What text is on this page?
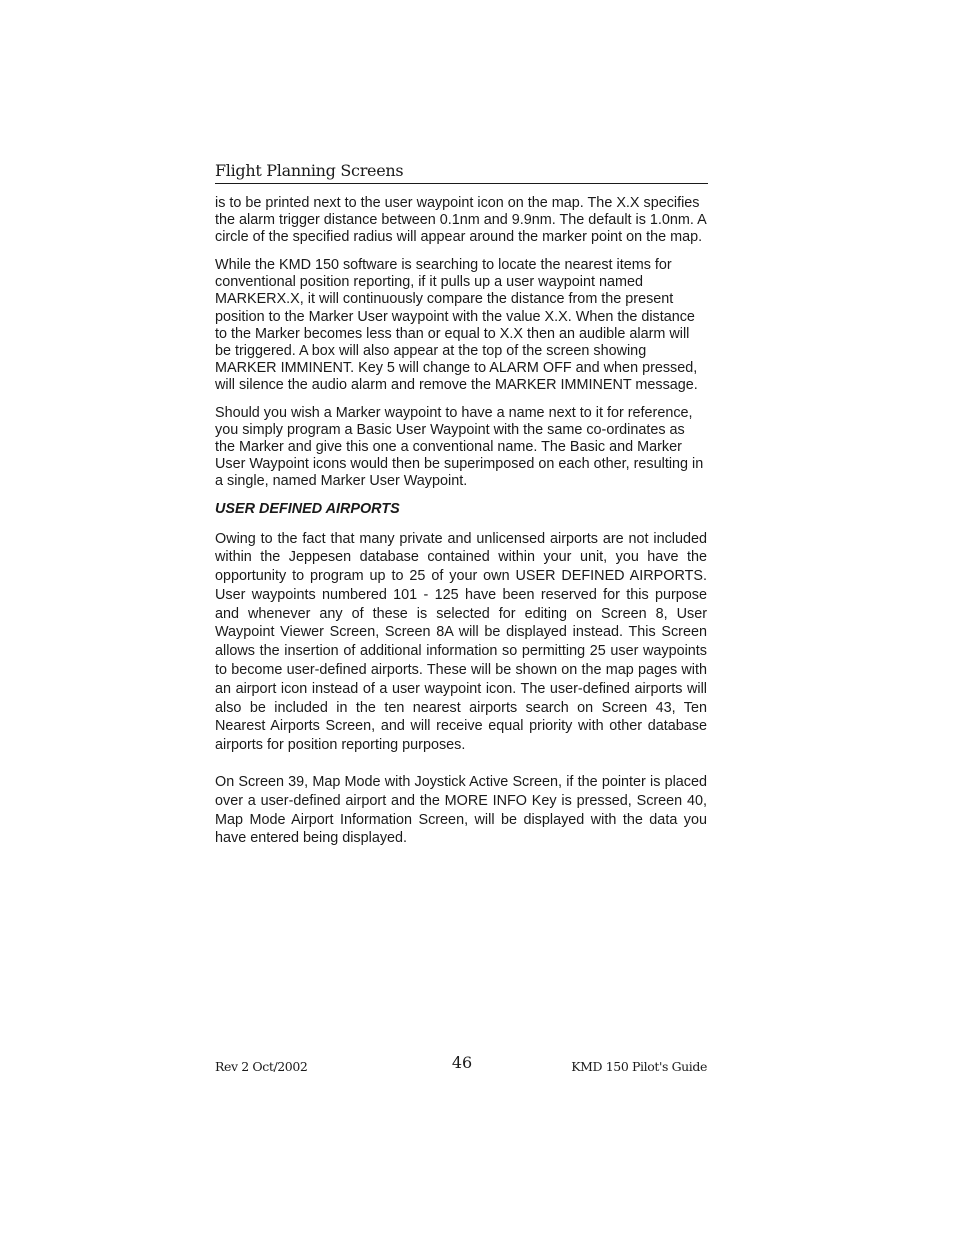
Flight Planning Screens

is to be printed next to the user waypoint icon on the map. The X.X specifies the alarm trigger distance between 0.1nm and 9.9nm. The default is 1.0nm. A circle of the specified radius will appear around the marker point on the map.

While the KMD 150 software is searching to locate the nearest items for conventional position reporting, if it pulls up a user waypoint named MARKERX.X, it will continuously compare the distance from the present position to the Marker User waypoint with the value X.X. When the distance to the Marker becomes less than or equal to X.X then an audible alarm will be triggered. A box will also appear at the top of the screen showing MARKER IMMINENT. Key 5 will change to ALARM OFF and when pressed, will silence the audio alarm and remove the MARKER IMMINENT message.

Should you wish a Marker waypoint to have a name next to it for reference, you simply program a Basic User Waypoint with the same co-ordinates as the Marker and give this one a conventional name. The Basic and Marker User Waypoint icons would then be superimposed on each other, resulting in a single, named Marker User Waypoint.

USER DEFINED AIRPORTS

Owing to the fact that many private and unlicensed airports are not included within the Jeppesen database contained within your unit, you have the opportunity to program up to 25 of your own USER DEFINED AIRPORTS. User waypoints numbered 101 - 125 have been reserved for this purpose and whenever any of these is selected for editing on Screen 8, User Waypoint Viewer Screen, Screen 8A will be displayed instead. This Screen allows the insertion of additional information so permitting 25 user waypoints to become user-defined airports. These will be shown on the map pages with an airport icon instead of a user waypoint icon. The user-defined airports will also be included in the ten nearest airports search on Screen 43, Ten Nearest Airports Screen, and will receive equal priority with other database airports for position reporting purposes.

On Screen 39, Map Mode with Joystick Active Screen, if the pointer is placed over a user-defined airport and the MORE INFO Key is pressed, Screen 40, Map Mode Airport Information Screen, will be displayed with the data you have entered being displayed.

Rev 2 Oct/2002	46	KMD 150 Pilot's Guide
